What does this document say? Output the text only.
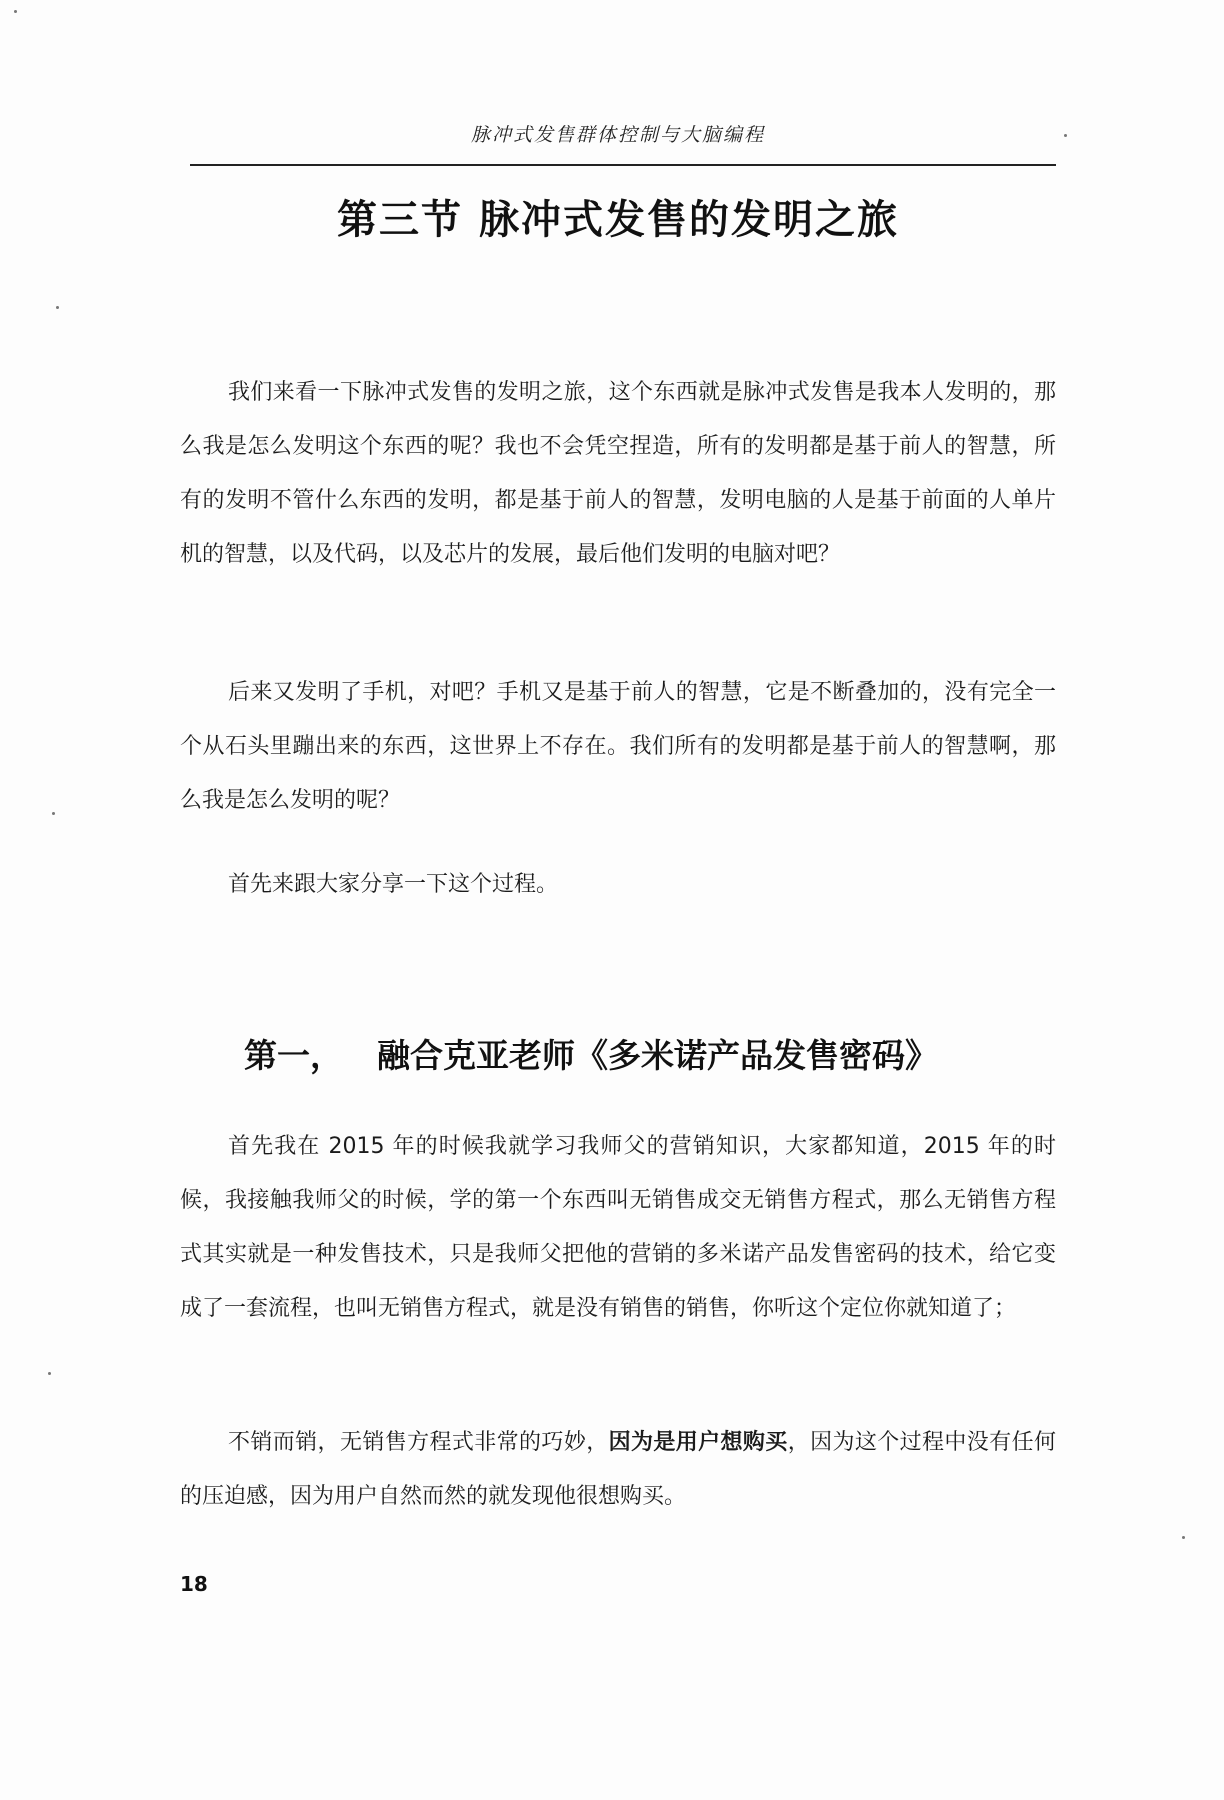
脉冲式发售群体控制与大脑编程
第三节 脉冲式发售的发明之旅

我们来看一下脉冲式发售的发明之旅，这个东西就是脉冲式发售是我本人发明的，那么我是怎么发明这个东西的呢？我也不会凭空捏造，所有的发明都是基于前人的智慧，所有的发明不管什么东西的发明，都是基于前人的智慧，发明电脑的人是基于前面的人单片机的智慧，以及代码，以及芯片的发展，最后他们发明的电脑对吧？

后来又发明了手机，对吧？手机又是基于前人的智慧，它是不断叠加的，没有完全一个从石头里蹦出来的东西，这世界上不存在。我们所有的发明都是基于前人的智慧啊，那么我是怎么发明的呢？

首先来跟大家分享一下这个过程。

第一， 融合克亚老师《多米诺产品发售密码》

首先我在 2015 年的时候我就学习我师父的营销知识，大家都知道，2015 年的时候，我接触我师父的时候，学的第一个东西叫无销售成交无销售方程式，那么无销售方程式其实就是一种发售技术，只是我师父把他的营销的多米诺产品发售密码的技术，给它变成了一套流程，也叫无销售方程式，就是没有销售的销售，你听这个定位你就知道了；

不销而销，无销售方程式非常的巧妙，因为是用户想购买，因为这个过程中没有任何的压迫感，因为用户自然而然的就发现他很想购买。

18
